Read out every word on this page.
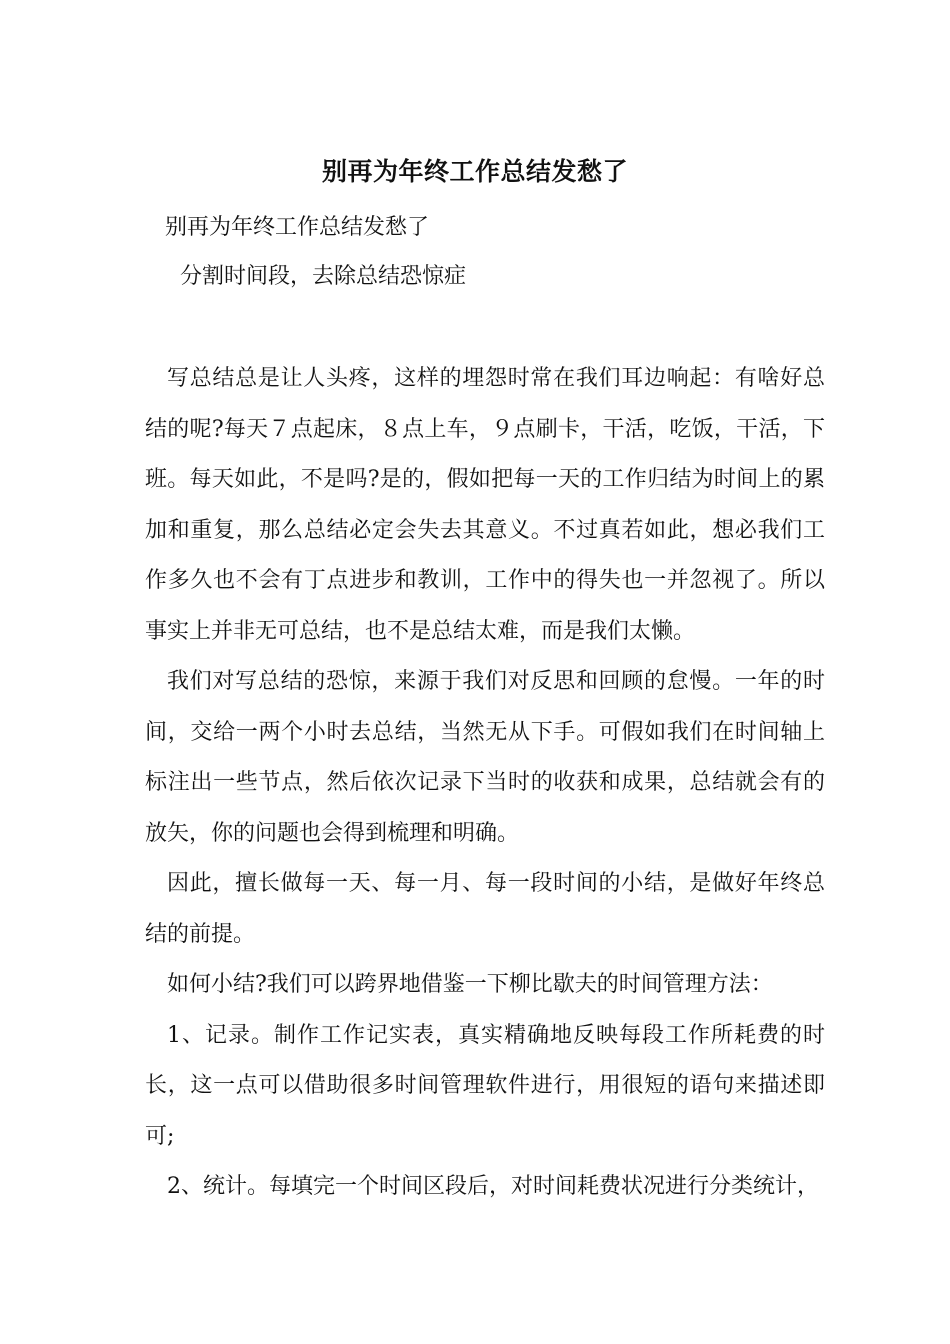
别再为年终工作总结发愁了

别再为年终工作总结发愁了

分割时间段，去除总结恐惊症

写总结总是让人头疼，这样的埋怨时常在我们耳边响起：有啥好总结的呢?每天７点起床，８点上车，９点刷卡，干活，吃饭，干活，下班。每天如此，不是吗?是的，假如把每一天的工作归结为时间上的累加和重复，那么总结必定会失去其意义。不过真若如此，想必我们工作多久也不会有丁点进步和教训，工作中的得失也一并忽视了。所以事实上并非无可总结，也不是总结太难，而是我们太懒。

我们对写总结的恐惊，来源于我们对反思和回顾的怠慢。一年的时间，交给一两个小时去总结，当然无从下手。可假如我们在时间轴上标注出一些节点，然后依次记录下当时的收获和成果，总结就会有的放矢，你的问题也会得到梳理和明确。

因此，擅长做每一天、每一月、每一段时间的小结，是做好年终总结的前提。

如何小结?我们可以跨界地借鉴一下柳比歇夫的时间管理方法：

1、记录。制作工作记实表，真实精确地反映每段工作所耗费的时长，这一点可以借助很多时间管理软件进行，用很短的语句来描述即可;

2、统计。每填完一个时间区段后，对时间耗费状况进行分类统计，
